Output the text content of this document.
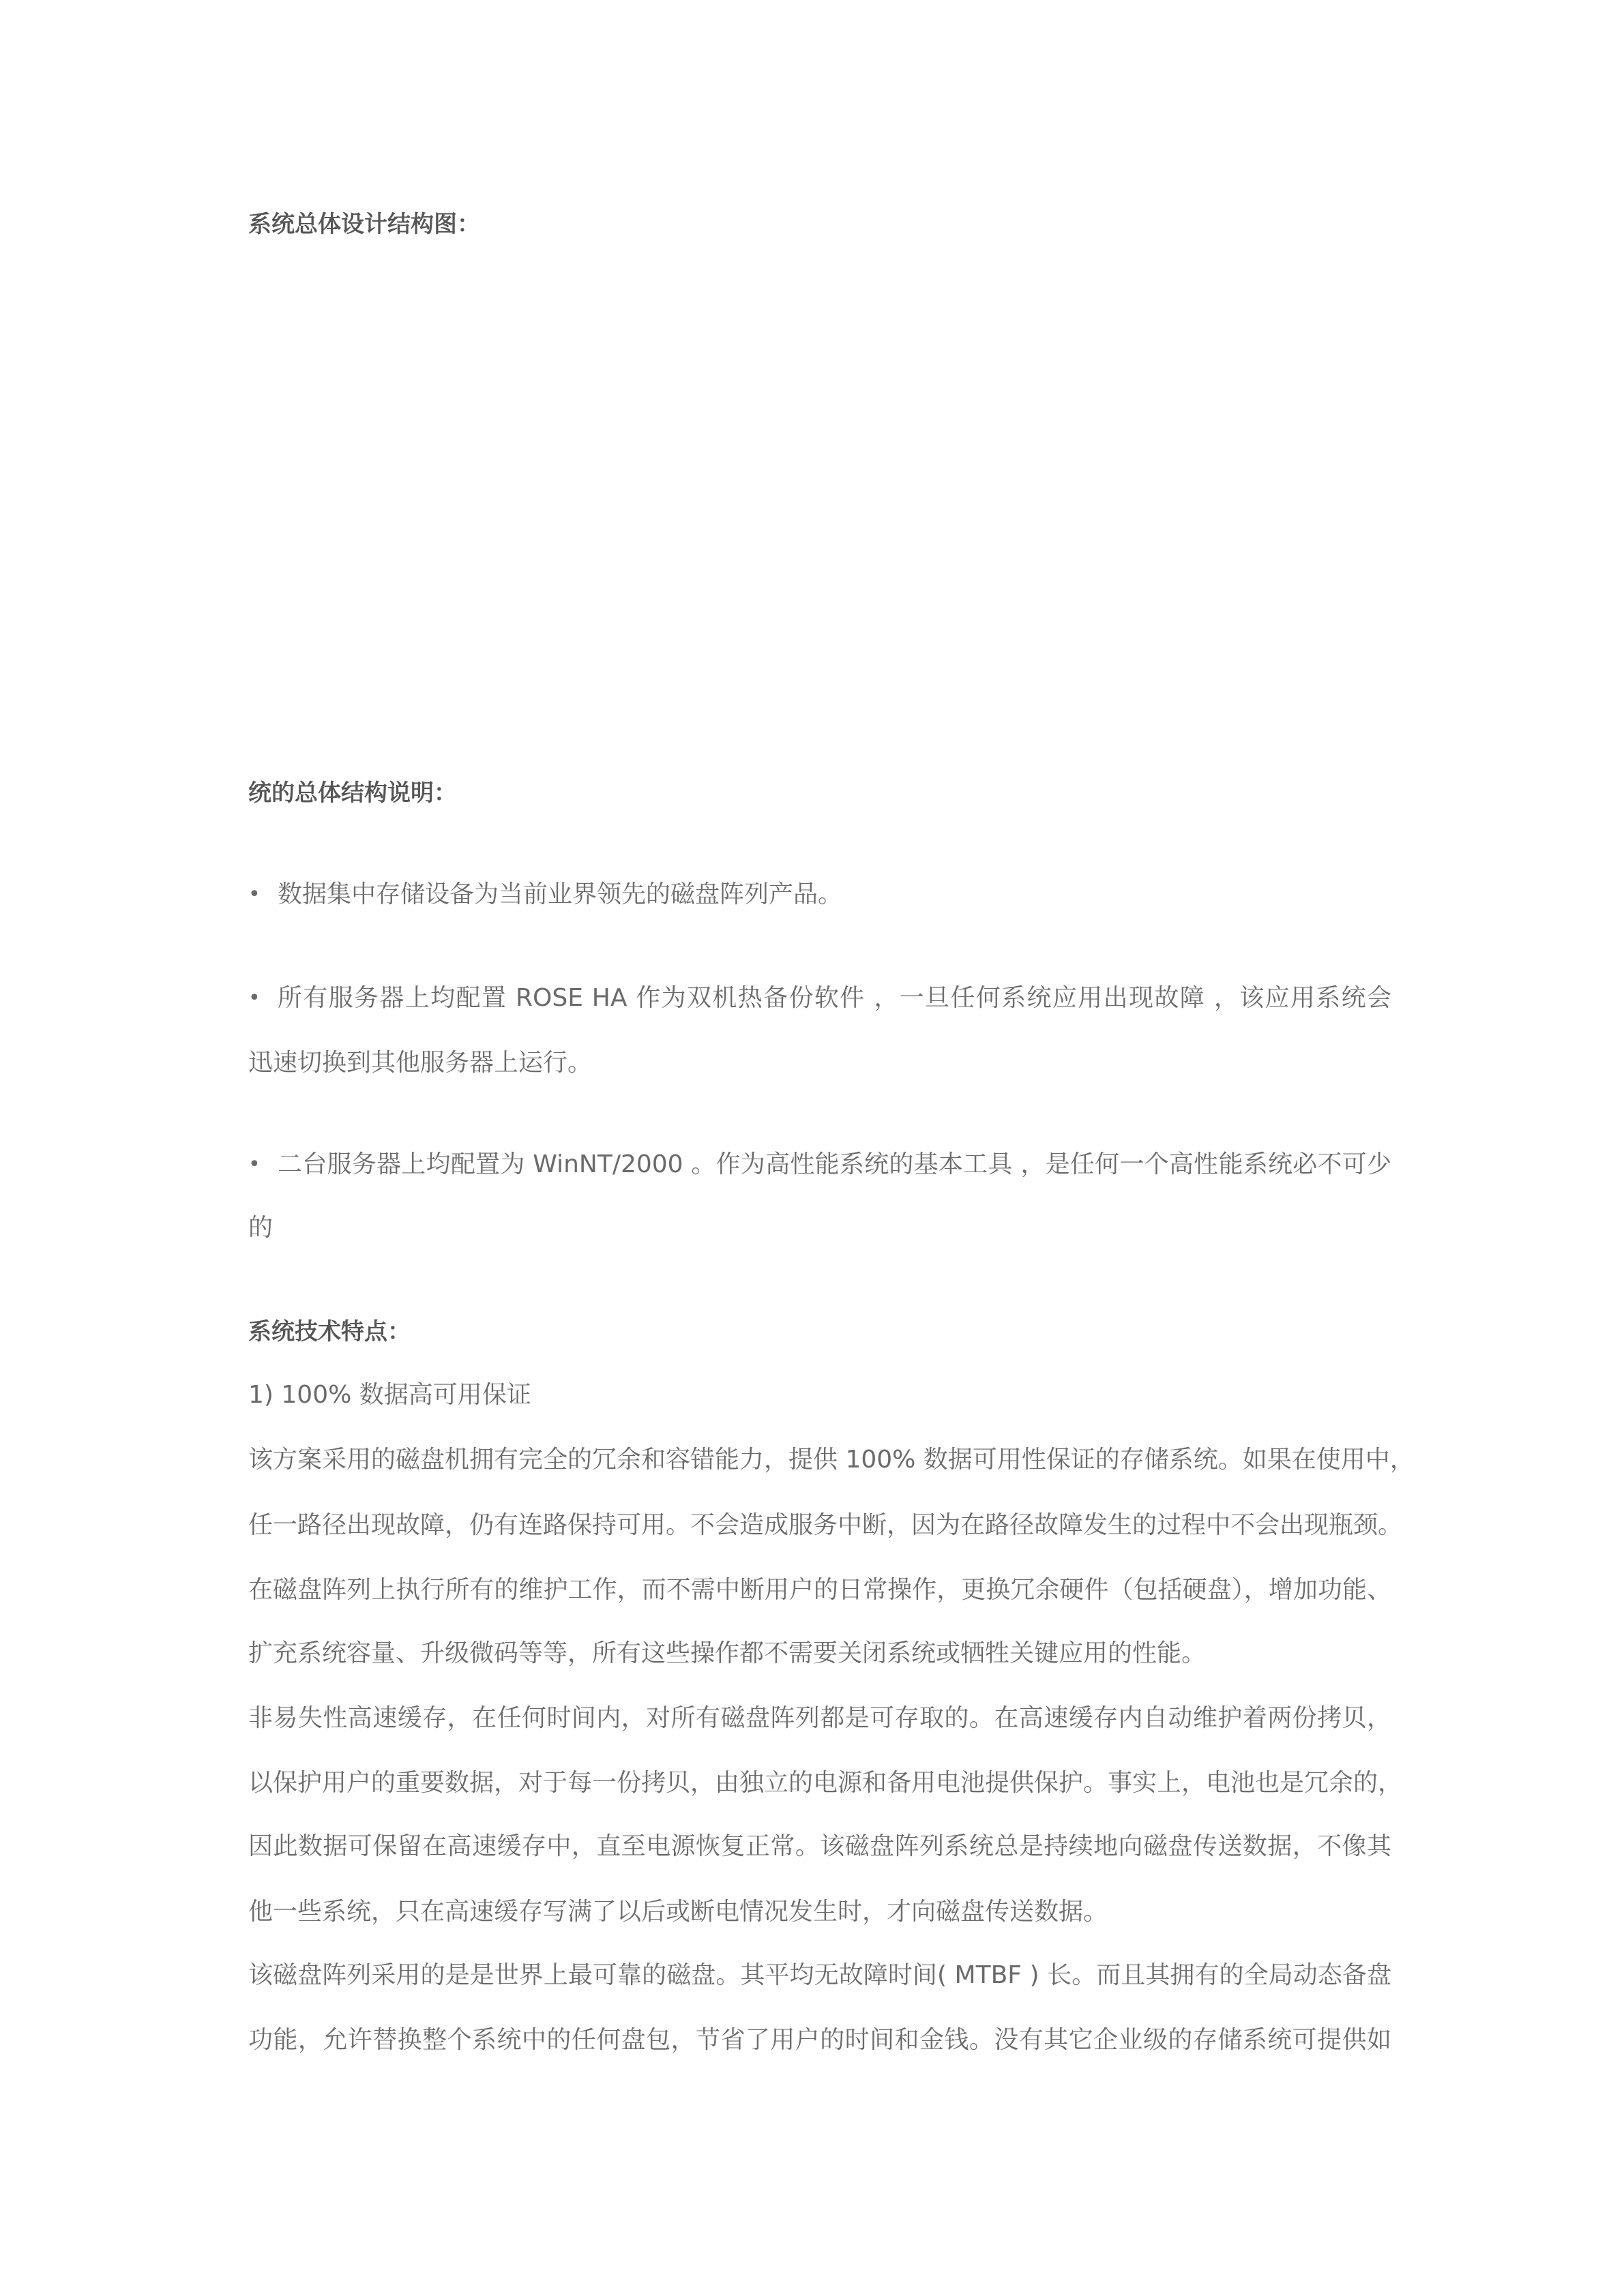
系统总体设计结构图：
统的总体结构说明：
• 数据集中存储设备为当前业界领先的磁盘阵列产品。
• 所有服务器上均配置 ROSE HA 作为双机热备份软件 ，一旦任何系统应用出现故障 ，该应用系统会
迅速切换到其他服务器上运行。
• 二台服务器上均配置为 WinNT/2000 。作为高性能系统的基本工具 ，是任何一个高性能系统必不可少
的
系统技术特点：
1) 100% 数据高可用保证
该方案采用的磁盘机拥有完全的冗余和容错能力，提供 100% 数据可用性保证的存储系统。如果在使用中，
任一路径出现故障，仍有连路保持可用。不会造成服务中断，因为在路径故障发生的过程中不会出现瓶颈。
在磁盘阵列上执行所有的维护工作，而不需中断用户的日常操作，更换冗余硬件（包括硬盘），增加功能、
扩充系统容量、升级微码等等，所有这些操作都不需要关闭系统或牺牲关键应用的性能。
非易失性高速缓存，在任何时间内，对所有磁盘阵列都是可存取的。在高速缓存内自动维护着两份拷贝，
以保护用户的重要数据，对于每一份拷贝，由独立的电源和备用电池提供保护。事实上，电池也是冗余的，
因此数据可保留在高速缓存中，直至电源恢复正常。该磁盘阵列系统总是持续地向磁盘传送数据，不像其
他一些系统，只在高速缓存写满了以后或断电情况发生时，才向磁盘传送数据。
该磁盘阵列采用的是是世界上最可靠的磁盘。其平均无故障时间( MTBF ) 长。而且其拥有的全局动态备盘
功能，允许替换整个系统中的任何盘包，节省了用户的时间和金钱。没有其它企业级的存储系统可提供如
